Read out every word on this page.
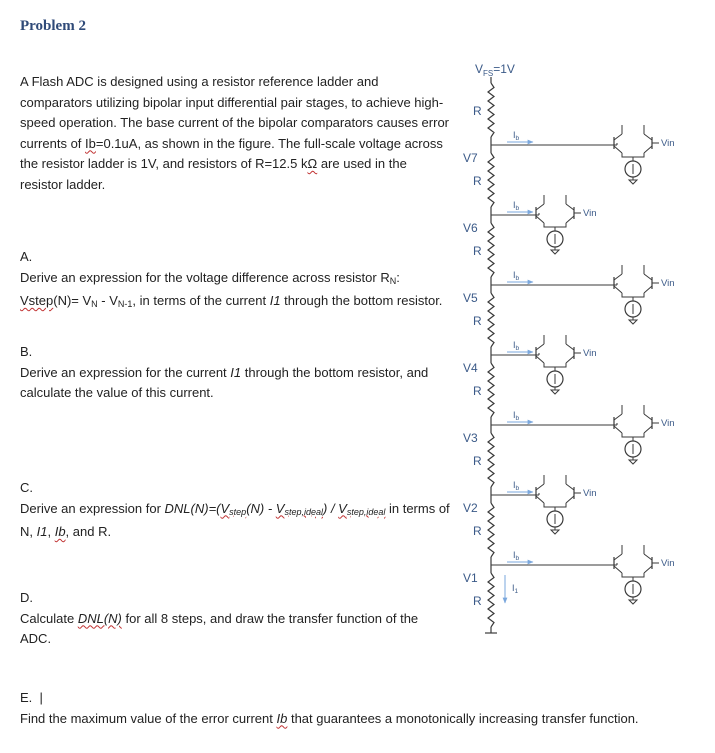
Problem 2
A Flash ADC is designed using a resistor reference ladder and comparators utilizing bipolar input differential pair stages, to achieve high-speed operation. The base current of the bipolar comparators causes error currents of Ib=0.1uA, as shown in the figure. The full-scale voltage across the resistor ladder is 1V, and resistors of R=12.5 kΩ are used in the resistor ladder.

A.

Derive an expression for the voltage difference across resistor $R_N$:
Vstep(N)= $V_N - V_{N-1}$, in terms of the current I1 through the bottom resistor.

B.

Derive an expression for the current I1 through the bottom resistor, and calculate the value of this current.

C.

Derive an expression for $DNL(N)=(V_{step}(N) - V_{step,ideal}) / V_{step,ideal}$ in terms of N, I1, Ib, and R.

D.

Calculate DNL(N) for all 8 steps, and draw the transfer function of the ADC.

E. |

Find the maximum value of the error current Ib that guarantees a monotonically increasing transfer function.

$V_{FS}=1V$
R
R
R
R
R
R
R
R
V7
Vin
$I_b$
V6
Vin
$I_b$
V5
Vin
$I_b$
V4
Vin
$I_b$
V3
Vin
$I_b$
V2
Vin
$I_b$
V1
Vin
$I_b$
$I_1$
